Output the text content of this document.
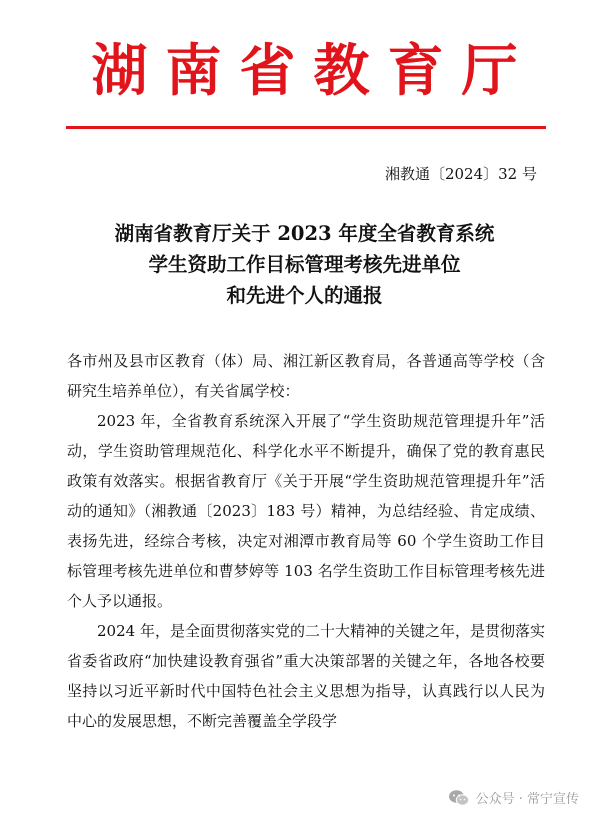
湖南省教育厅
湘教通〔2024〕32 号
湖南省教育厅关于 2023 年度全省教育系统
学生资助工作目标管理考核先进单位
和先进个人的通报

各市州及县市区教育（体）局、湘江新区教育局，各普通高等学校（含研究生培养单位），有关省属学校：

2023 年，全省教育系统深入开展了“学生资助规范管理提升年”活动，学生资助管理规范化、科学化水平不断提升，确保了党的教育惠民政策有效落实。根据省教育厅《关于开展“学生资助规范管理提升年”活动的通知》（湘教通〔2023〕183 号）精神，为总结经验、肯定成绩、表扬先进，经综合考核，决定对湘潭市教育局等 60 个学生资助工作目标管理考核先进单位和曹梦婷等 103 名学生资助工作目标管理考核先进个人予以通报。

2024 年，是全面贯彻落实党的二十大精神的关键之年，是贯彻落实省委省政府“加快建设教育强省”重大决策部署的关键之年，各地各校要坚持以习近平新时代中国特色社会主义思想为指导，认真践行以人民为中心的发展思想，不断完善覆盖全学段学

公众号 · 常宁宣传
